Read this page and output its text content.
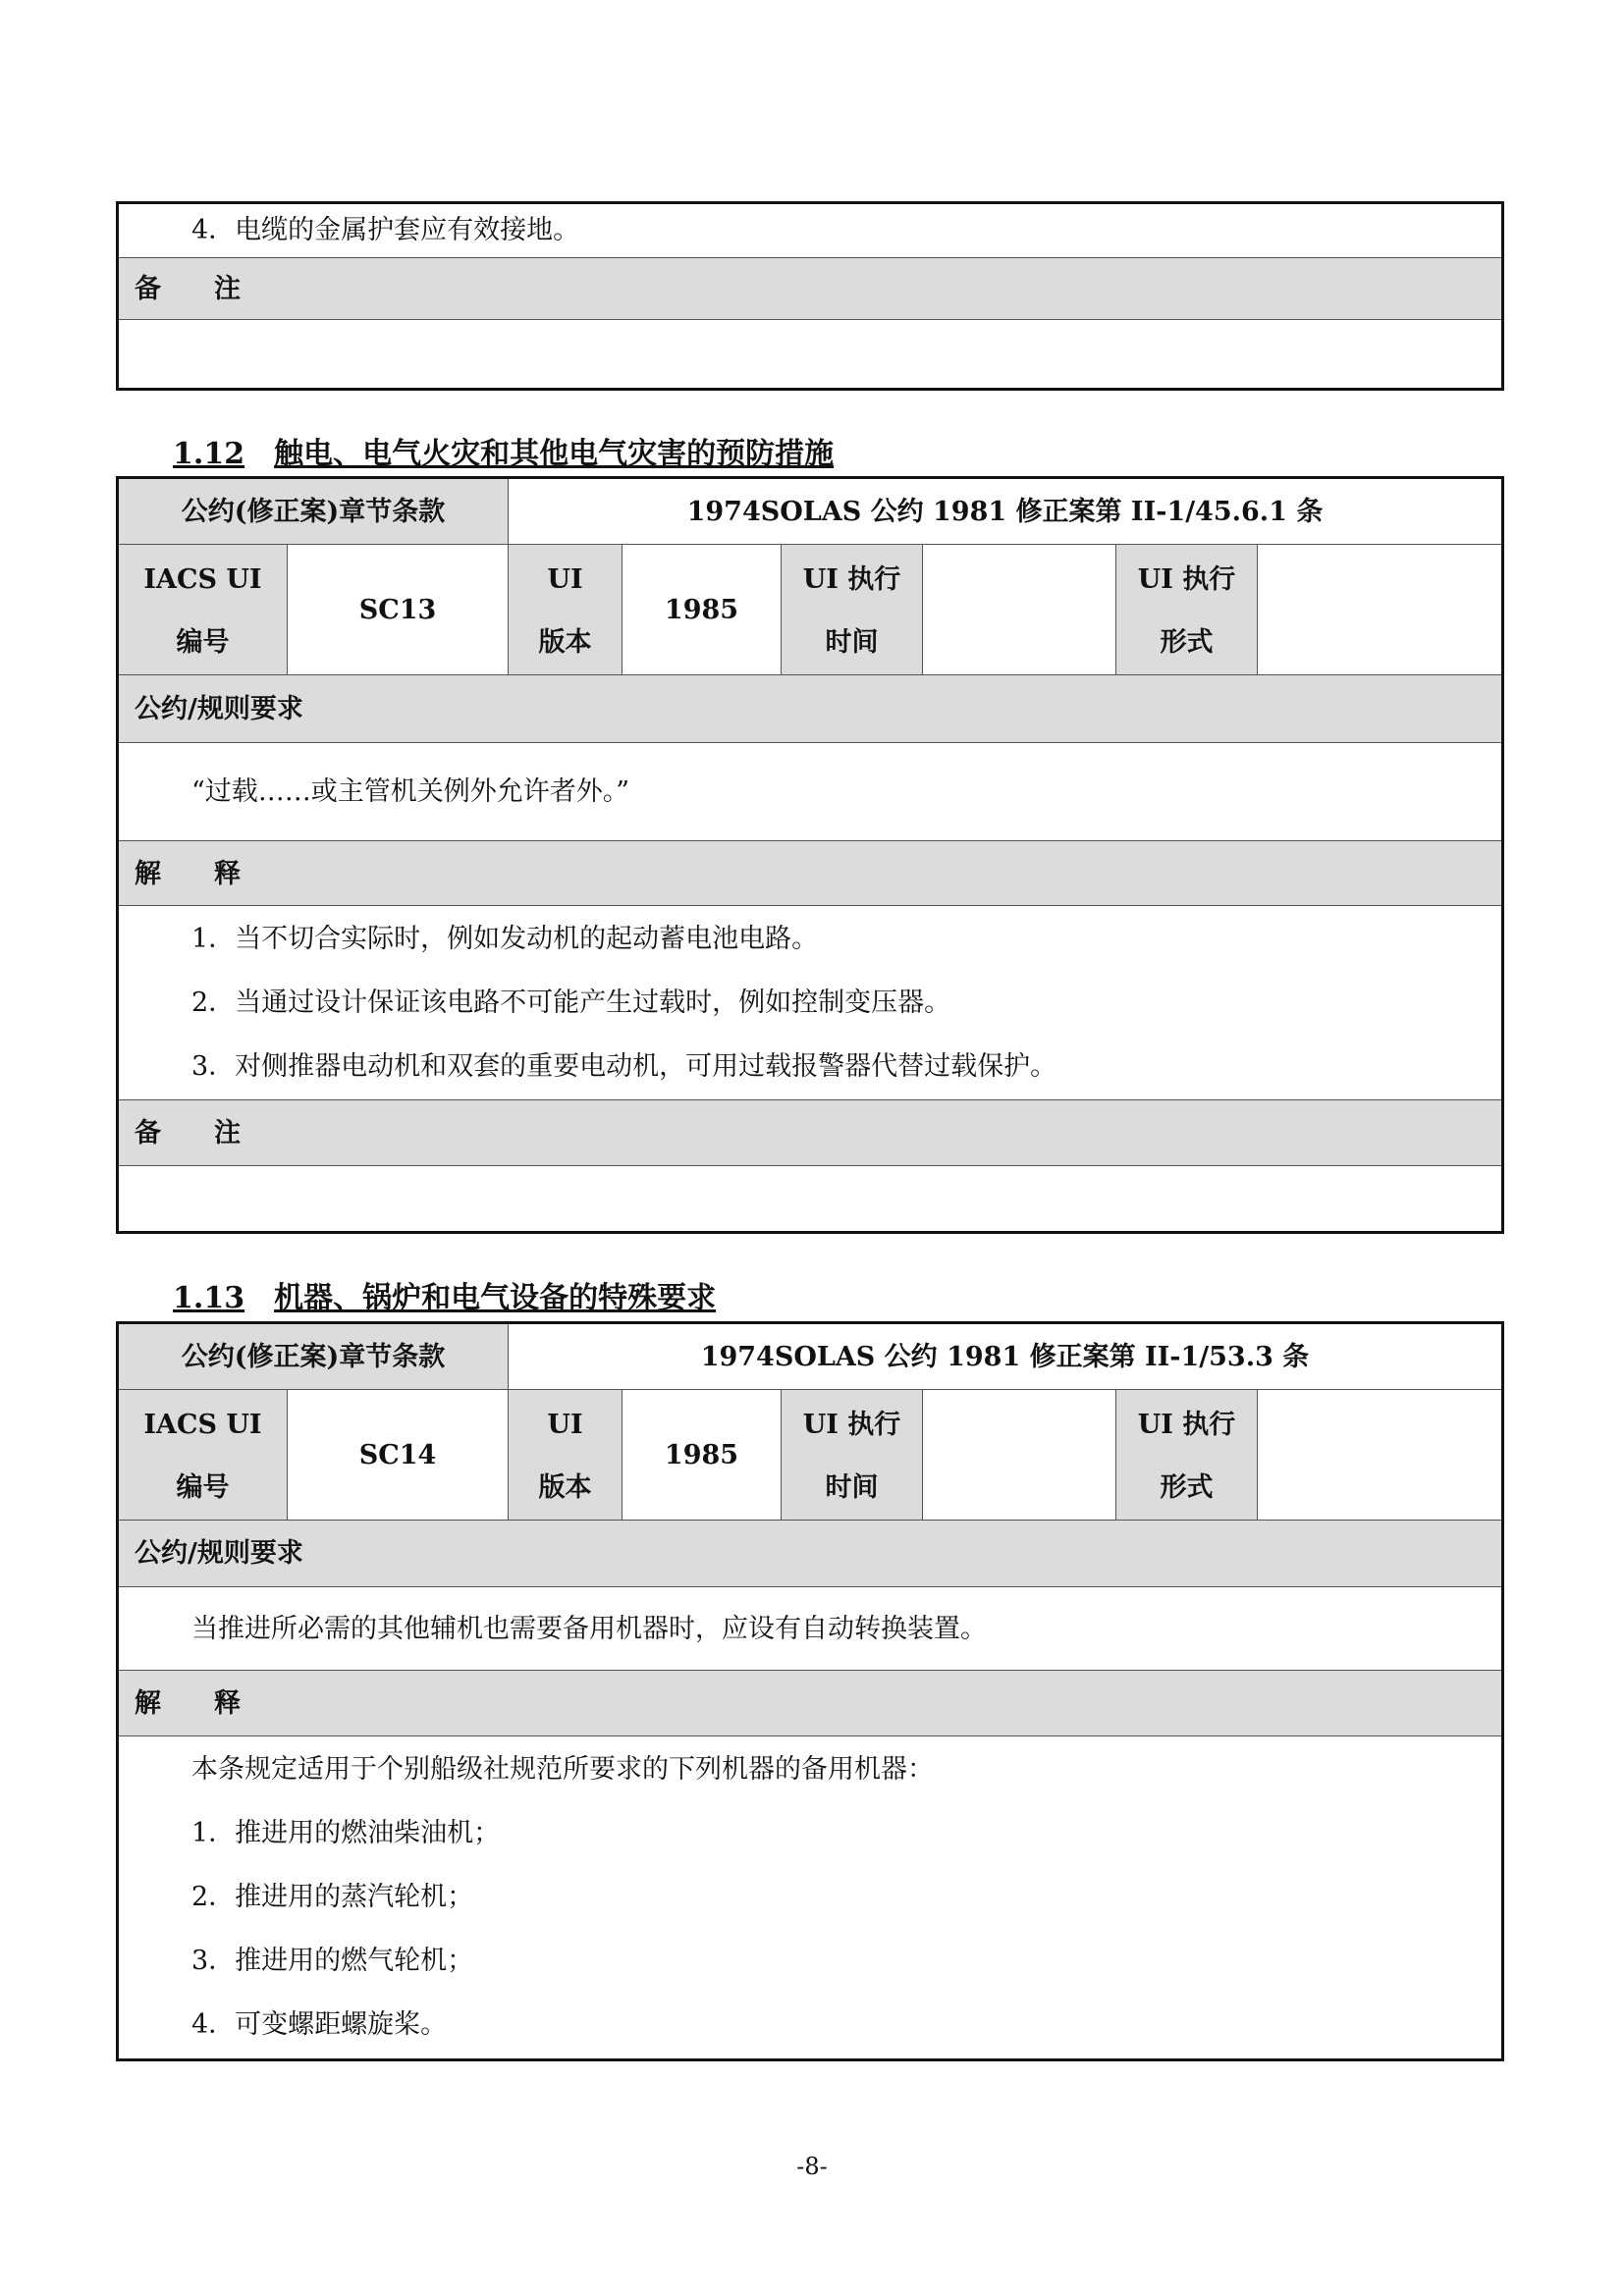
4．电缆的金属护套应有效接地。
备　　注
1.12 触电、电气火灾和其他电气灾害的预防措施
公约(修正案)章节条款	1974SOLAS 公约 1981 修正案第 II-1/45.6.1 条
IACS UI
编号
SC13
UI
版本
1985
UI 执行
时间
UI 执行
形式
公约/规则要求
“过载……或主管机关例外允许者外。”
解　　释
1．当不切合实际时，例如发动机的起动蓄电池电路。
2．当通过设计保证该电路不可能产生过载时，例如控制变压器。
3．对侧推器电动机和双套的重要电动机，可用过载报警器代替过载保护。
备　　注
1.13 机器、锅炉和电气设备的特殊要求
公约(修正案)章节条款	1974SOLAS 公约 1981 修正案第 II-1/53.3 条
IACS UI
编号
SC14
UI
版本
1985
UI 执行
时间
UI 执行
形式
公约/规则要求
当推进所必需的其他辅机也需要备用机器时，应设有自动转换装置。
解　　释
本条规定适用于个别船级社规范所要求的下列机器的备用机器：
1．推进用的燃油柴油机；
2．推进用的蒸汽轮机；
3．推进用的燃气轮机；
4．可变螺距螺旋桨。
-8-
